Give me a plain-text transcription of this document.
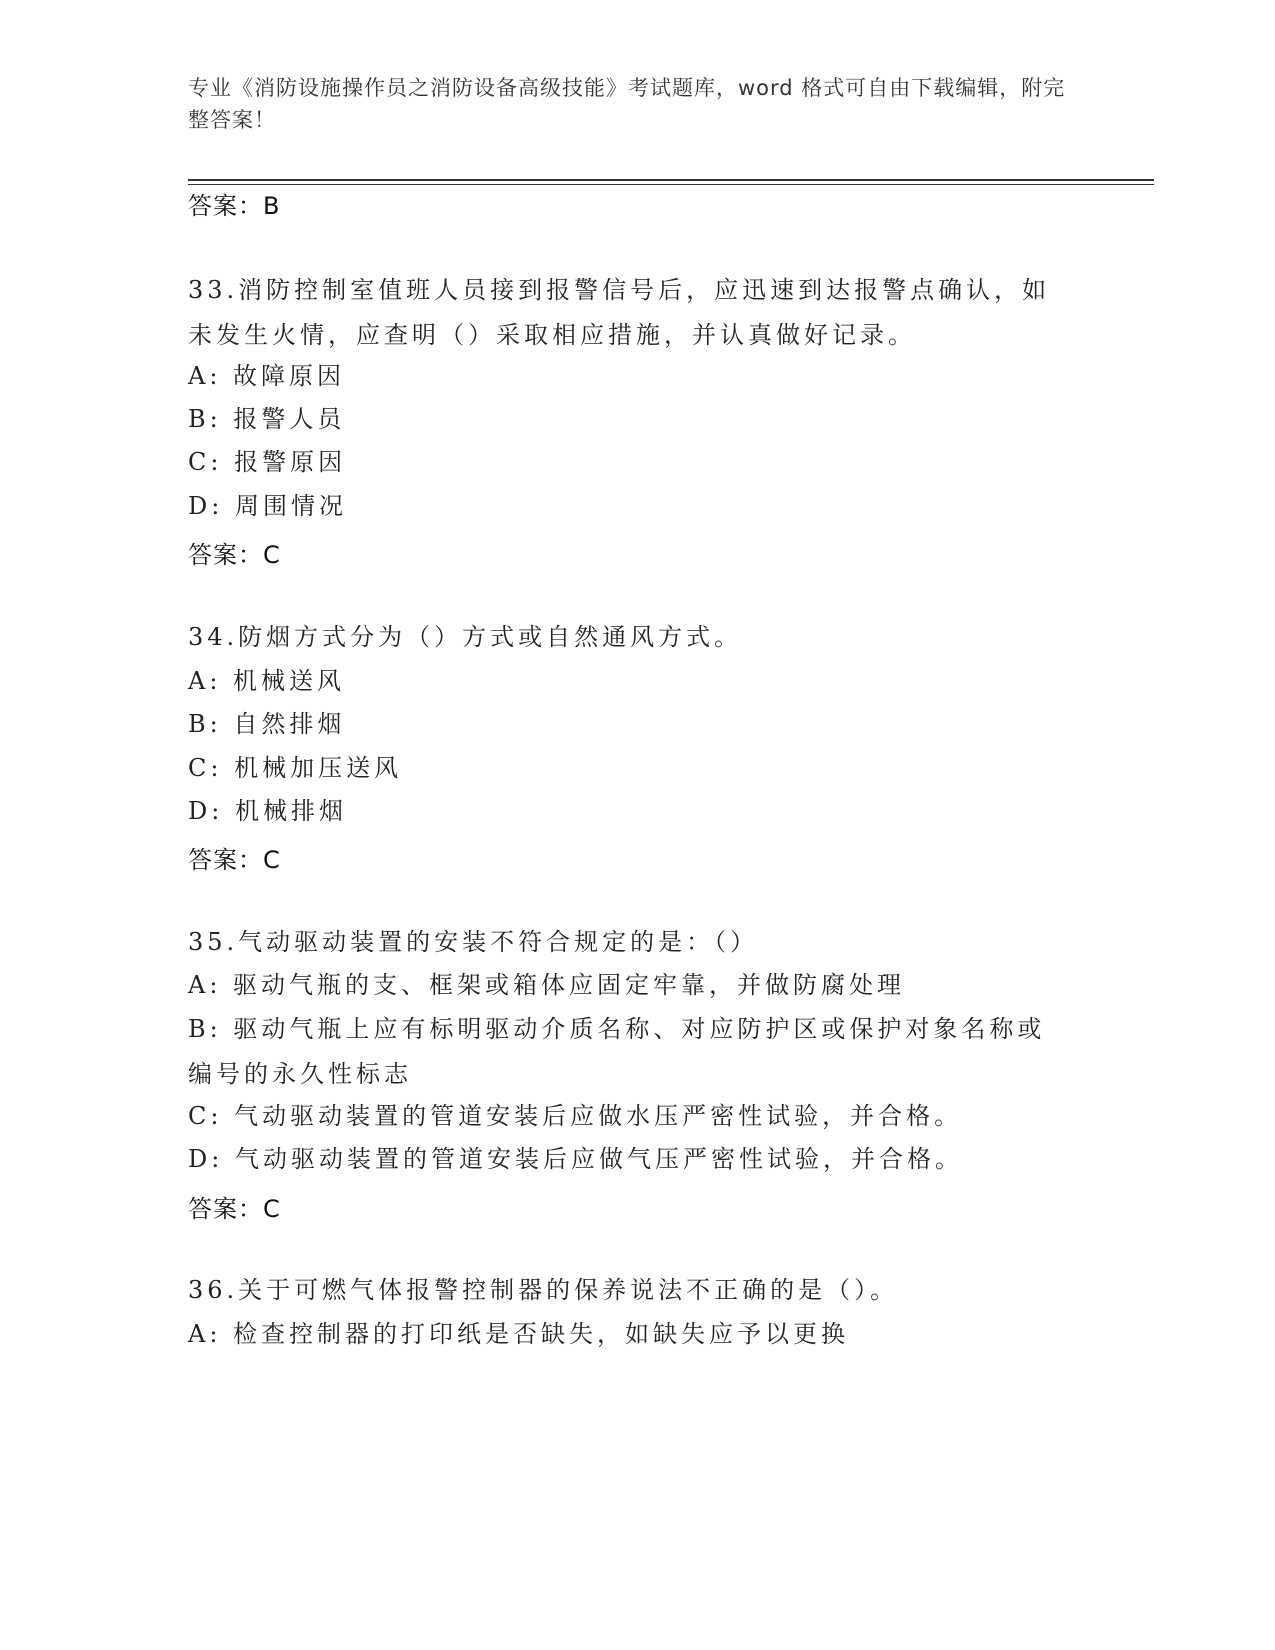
专业《消防设施操作员之消防设备高级技能》考试题库，word 格式可自由下载编辑，附完整答案！
答案：B
33.消防控制室值班人员接到报警信号后，应迅速到达报警点确认，如未发生火情，应查明（）采取相应措施，并认真做好记录。
A: 故障原因
B: 报警人员
C: 报警原因
D: 周围情况
答案：C
34.防烟方式分为（）方式或自然通风方式。
A: 机械送风
B: 自然排烟
C: 机械加压送风
D: 机械排烟
答案：C
35.气动驱动装置的安装不符合规定的是：（）
A: 驱动气瓶的支、框架或箱体应固定牢靠，并做防腐处理
B: 驱动气瓶上应有标明驱动介质名称、对应防护区或保护对象名称或编号的永久性标志
C: 气动驱动装置的管道安装后应做水压严密性试验，并合格。
D: 气动驱动装置的管道安装后应做气压严密性试验，并合格。
答案：C
36.关于可燃气体报警控制器的保养说法不正确的是（）。
A: 检查控制器的打印纸是否缺失，如缺失应予以更换
